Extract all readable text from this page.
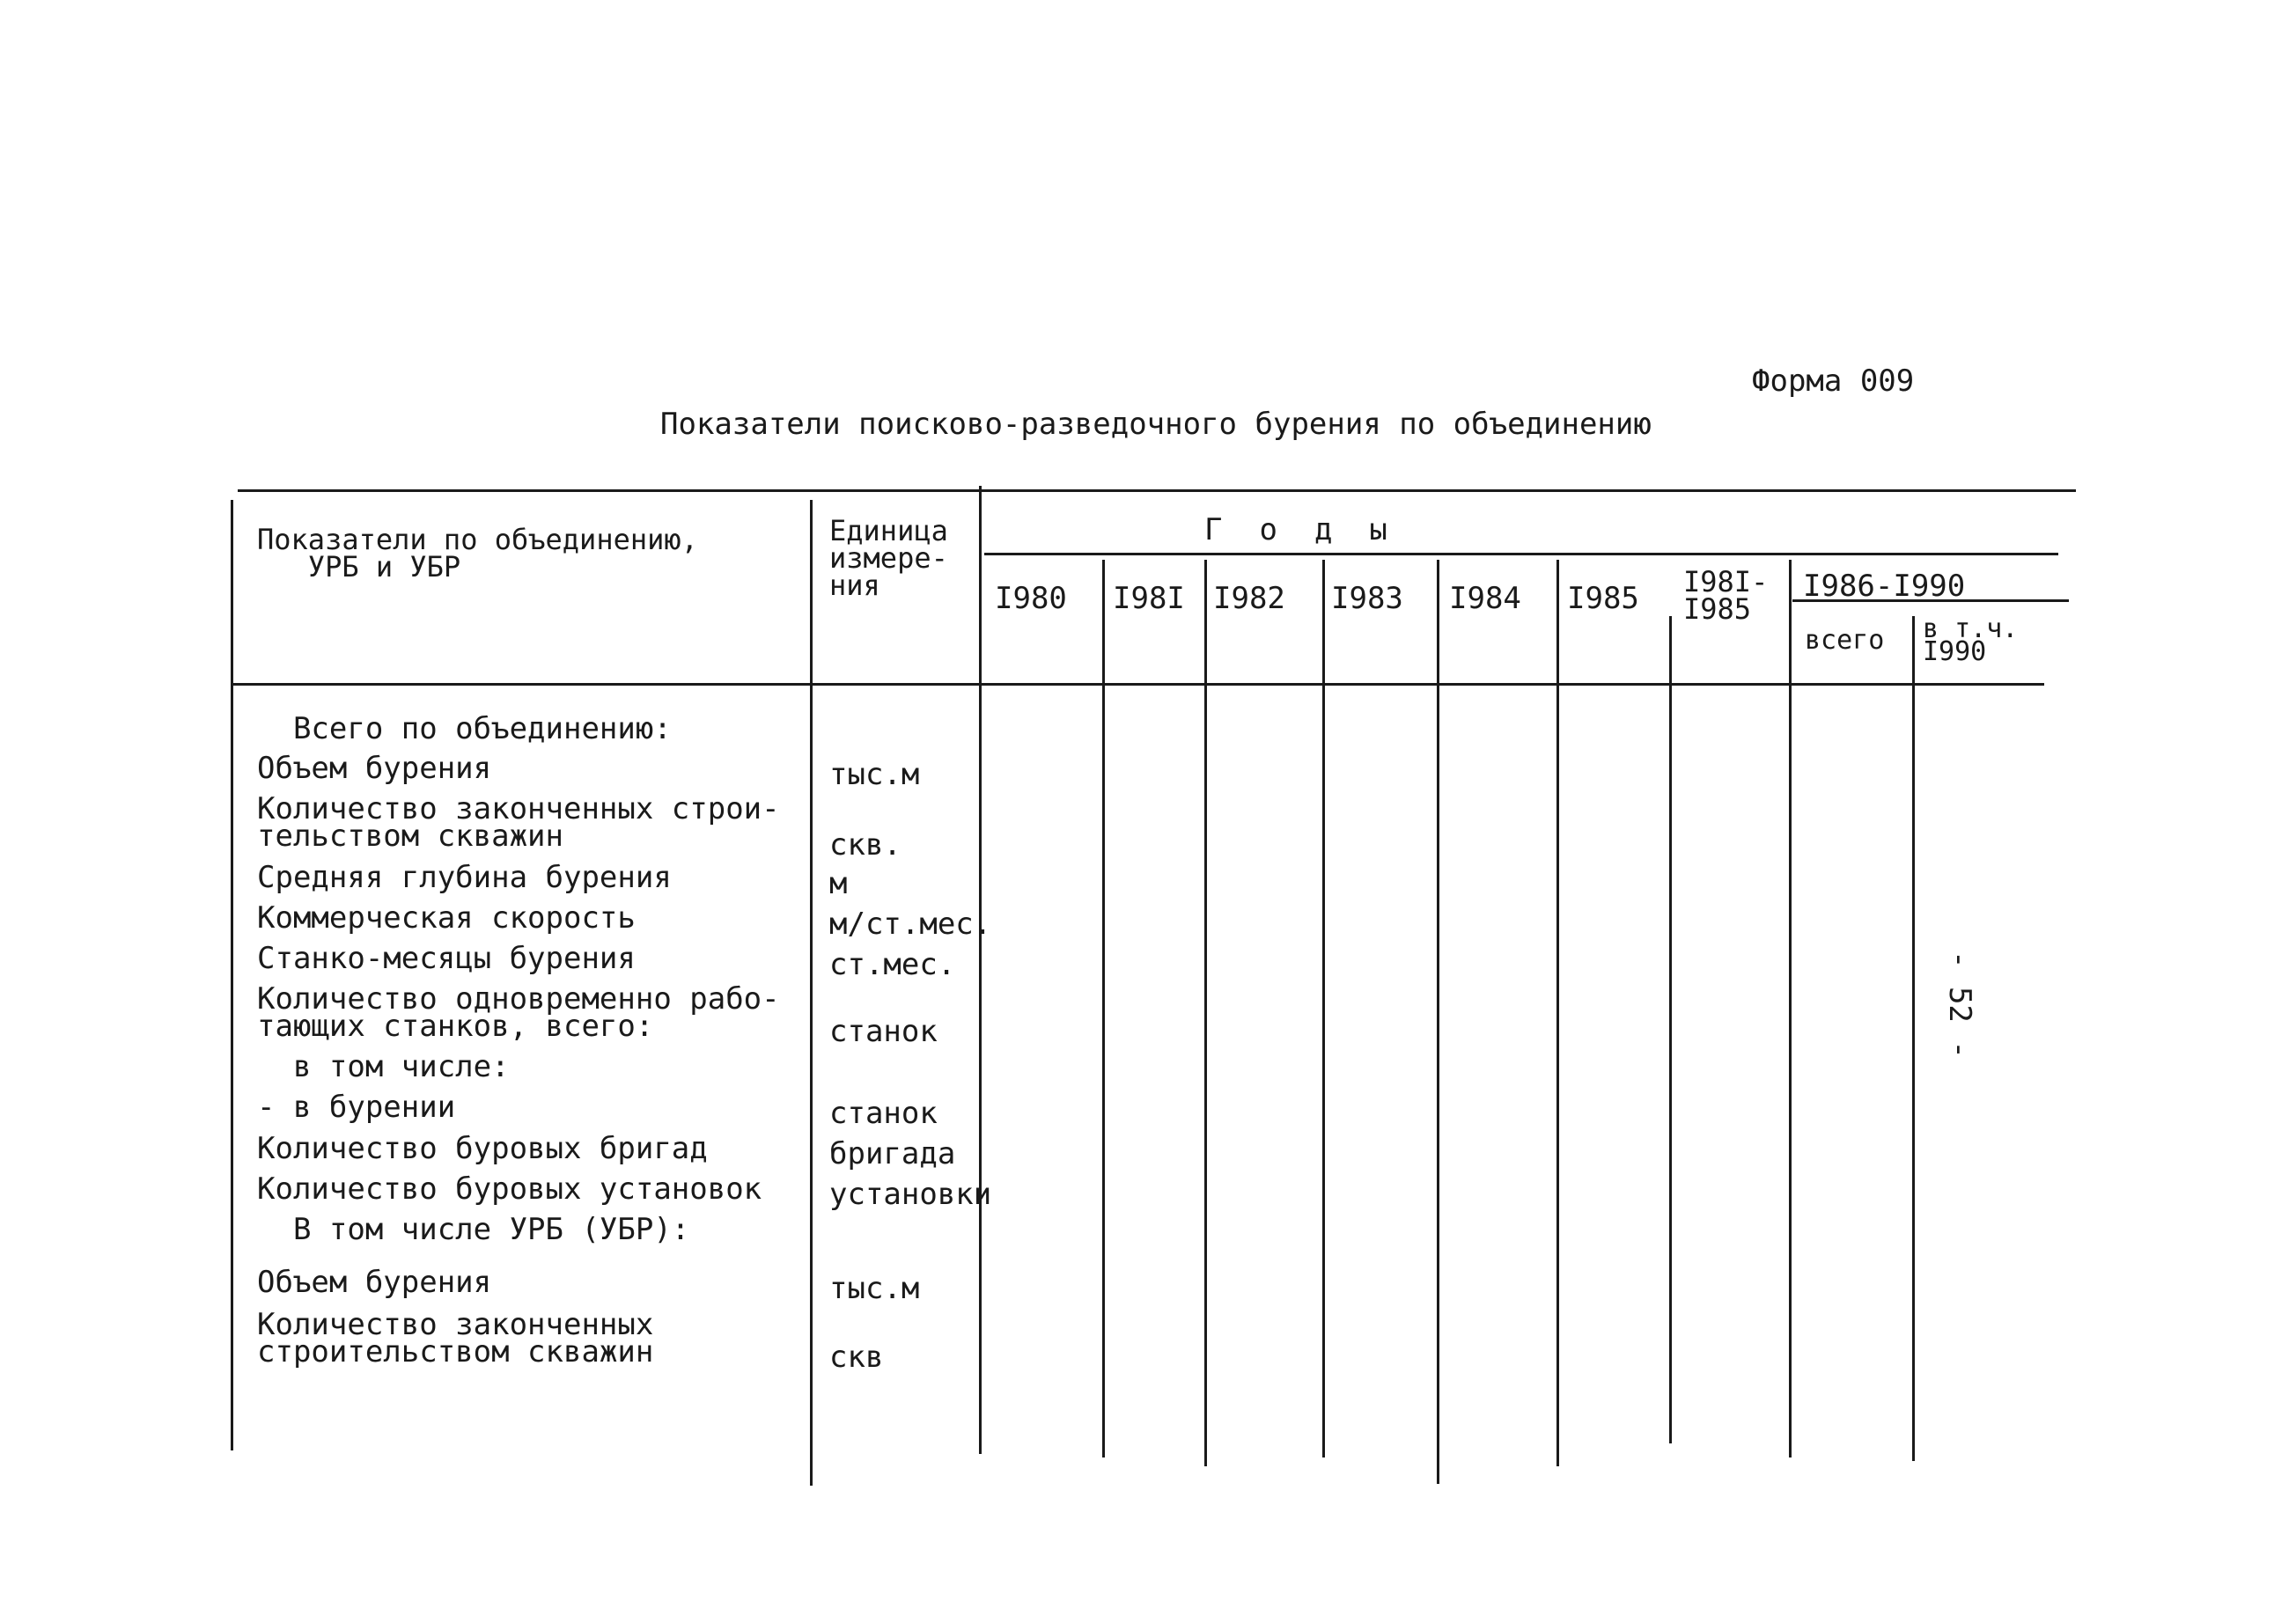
Форма 009
Показатели поисково-разведочного бурения по объединению
- 52 -
Показатели по объединению,
УРБ и УБР
Единица
измере-
ния
Годы
I980 I98I I982 I983 I984 I985 I98I-
I985
I986-I990
всего в т.ч.
I990
Всего по объединению:
Объем бурения
Количество законченных строи-
тельством скважин
Средняя глубина бурения
Коммерческая скорость
Станко-месяцы бурения
Количество одновременно рабо-
тающих станков, всего:
в том числе:
- в бурении
Количество буровых бригад
Количество буровых установок
В том числе УРБ (УБР):
Объем бурения
Количество законченных
строительством скважин
тыс.м
скв.
м
м/ст.мес.
ст.мес.
станок
станок
бригада
установки
тыс.м
скв
